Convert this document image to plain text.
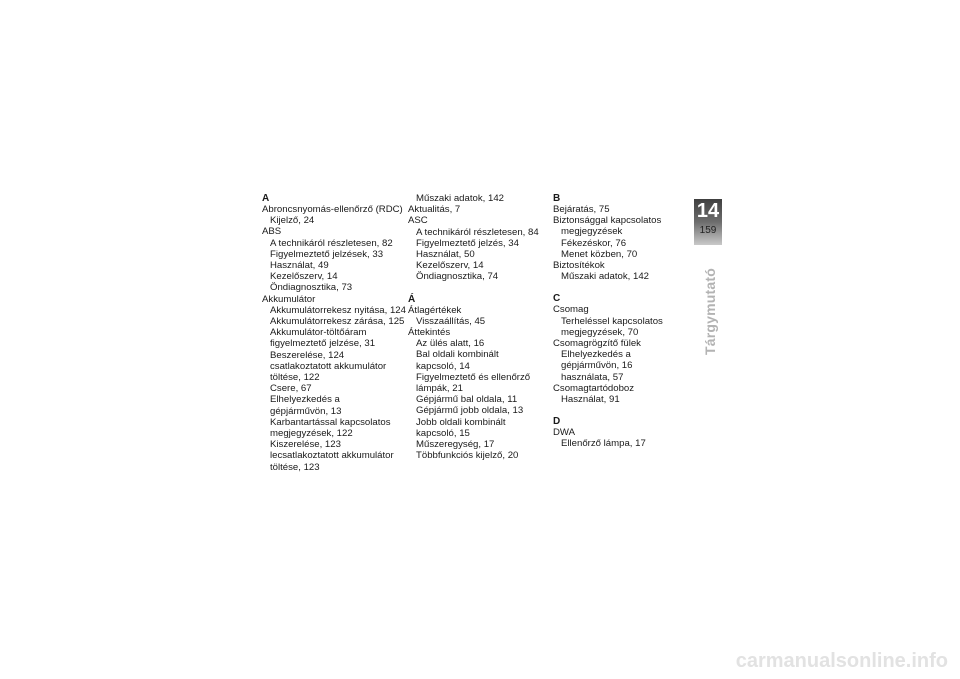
A
Abroncsnyomás-ellenőrző (RDC)
Kijelző, 24
ABS
A technikáról részletesen, 82
Figyelmeztető jelzések, 33
Használat, 49
Kezelőszerv, 14
Öndiagnosztika, 73
Akkumulátor
Akkumulátorrekesz nyitása, 124
Akkumulátorrekesz zárása, 125
Akkumulátor-töltőáram
figyelmeztető jelzése, 31
Beszerelése, 124
csatlakoztatott akkumulátor
töltése, 122
Csere, 67
Elhelyezkedés a
gépjárművön, 13
Karbantartással kapcsolatos
megjegyzések, 122
Kiszerelése, 123
lecsatlakoztatott akkumulátor
töltése, 123
Műszaki adatok, 142
Aktualitás, 7
ASC
A technikáról részletesen, 84
Figyelmeztető jelzés, 34
Használat, 50
Kezelőszerv, 14
Öndiagnosztika, 74
Á
Átlagértékek
Visszaállítás, 45
Áttekintés
Az ülés alatt, 16
Bal oldali kombinált
kapcsoló, 14
Figyelmeztető és ellenőrző
lámpák, 21
Gépjármű bal oldala, 11
Gépjármű jobb oldala, 13
Jobb oldali kombinált
kapcsoló, 15
Műszeregység, 17
Többfunkciós kijelző, 20
B
Bejáratás, 75
Biztonsággal kapcsolatos
megjegyzések
Fékezéskor, 76
Menet közben, 70
Biztosítékok
Műszaki adatok, 142
C
Csomag
Terheléssel kapcsolatos
megjegyzések, 70
Csomagrögzítő fülek
Elhelyezkedés a
gépjárművön, 16
használata, 57
Csomagtartódoboz
Használat, 91
D
DWA
Ellenőrző lámpa, 17
14
159
Tárgymutató
carmanualsonline.info
